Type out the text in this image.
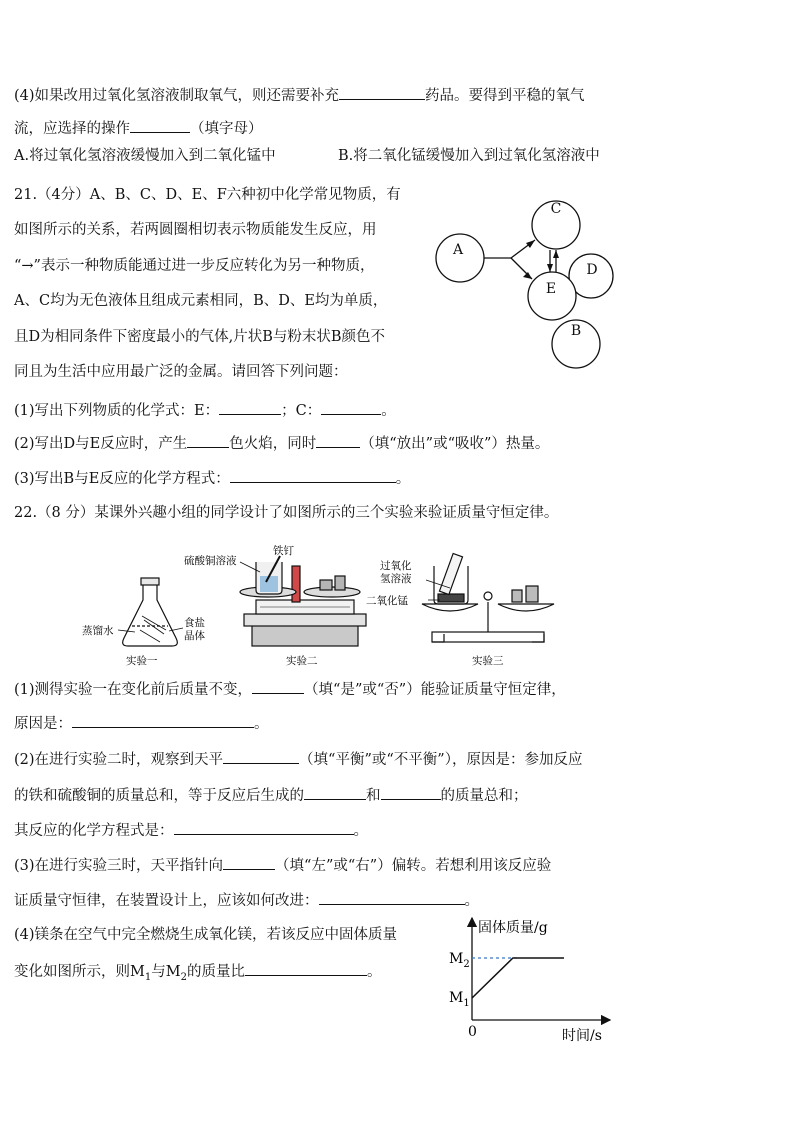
(4)如果改用过氧化氢溶液制取氧气，则还需要补充	药品。要得到平稳的氧气
流，应选择的操作	（填字母）
A.将过氧化氢溶液缓慢加入到二氧化锰中	B.将二氧化锰缓慢加入到过氧化氢溶液中
21.（4分）A、B、C、D、E、F六种初中化学常见物质，有
如图所示的关系，若两圆圈相切表示物质能发生反应，用
“→”表示一种物质能通过进一步反应转化为另一种物质，
A、C均为无色液体且组成元素相同，B、D、E均为单质，
且D为相同条件下密度最小的气体,片状B与粉末状B颜色不
同且为生活中应用最广泛的金属。请回答下列问题：
A
C
D
E
B
(1)写出下列物质的化学式：E：	；C：	。
(2)写出D与E反应时，产生	色火焰，同时	（填“放出”或“吸收”）热量。
(3)写出B与E反应的化学方程式：	。
22.（8 分）某课外兴趣小组的同学设计了如图所示的三个实验来验证质量守恒定律。
蒸馏水
食盐
晶体
实验一
硫酸铜溶液
铁钉
实验二
过氧化
氢溶液
二氧化锰
实验三
(1)测得实验一在变化前后质量不变，	（填“是”或“否”）能验证质量守恒定律，
原因是：	。
(2)在进行实验二时，观察到天平	（填“平衡”或“不平衡”），原因是：参加反应
的铁和硫酸铜的质量总和，等于反应后生成的	和	的质量总和；
其反应的化学方程式是：	。
(3)在进行实验三时，天平指针向	（填“左”或“右”）偏转。若想利用该反应验
证质量守恒律，在装置设计上，应该如何改进：	。
(4)镁条在空气中完全燃烧生成氧化镁，若该反应中固体质量
变化如图所示，则$M_1$与$M_2$的质量比	。
固体质量/g
时间/s
0
$M_1$
$M_2$
